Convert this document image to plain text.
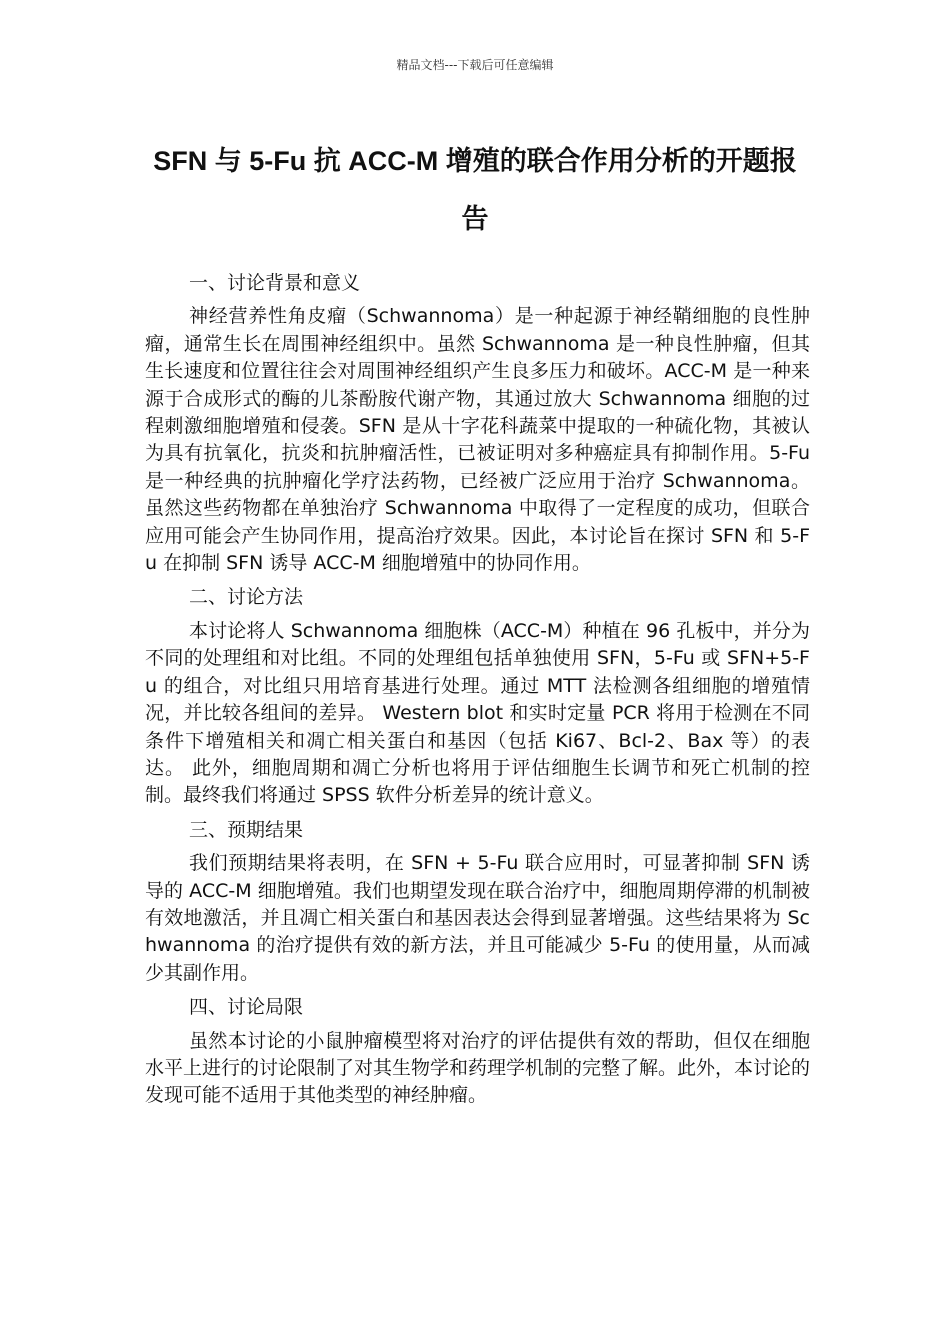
精品文档---下载后可任意编辑
SFN 与 5-Fu 抗 ACC-M 增殖的联合作用分析的开题报告

一、讨论背景和意义

神经营养性角皮瘤（Schwannoma）是一种起源于神经鞘细胞的良性肿瘤，通常生长在周围神经组织中。虽然 Schwannoma 是一种良性肿瘤，但其生长速度和位置往往会对周围神经组织产生良多压力和破坏。ACC-M 是一种来源于合成形式的酶的儿茶酚胺代谢产物，其通过放大 Schwannoma 细胞的过程刺激细胞增殖和侵袭。SFN 是从十字花科蔬菜中提取的一种硫化物，其被认为具有抗氧化，抗炎和抗肿瘤活性，已被证明对多种癌症具有抑制作用。5-Fu 是一种经典的抗肿瘤化学疗法药物，已经被广泛应用于治疗 Schwannoma。虽然这些药物都在单独治疗 Schwannoma 中取得了一定程度的成功，但联合应用可能会产生协同作用，提高治疗效果。因此，本讨论旨在探讨 SFN 和 5-Fu 在抑制 SFN 诱导 ACC-M 细胞增殖中的协同作用。

二、讨论方法

本讨论将人 Schwannoma 细胞株（ACC-M）种植在 96 孔板中，并分为不同的处理组和对比组。不同的处理组包括单独使用 SFN，5-Fu 或 SFN+5-Fu 的组合，对比组只用培育基进行处理。通过 MTT 法检测各组细胞的增殖情况，并比较各组间的差异。 Western blot 和实时定量 PCR 将用于检测在不同条件下增殖相关和凋亡相关蛋白和基因（包括 Ki67、Bcl-2、Bax 等）的表达。 此外，细胞周期和凋亡分析也将用于评估细胞生长调节和死亡机制的控制。最终我们将通过 SPSS 软件分析差异的统计意义。

三、预期结果

我们预期结果将表明，在 SFN + 5-Fu 联合应用时，可显著抑制 SFN 诱导的 ACC-M 细胞增殖。我们也期望发现在联合治疗中，细胞周期停滞的机制被有效地激活，并且凋亡相关蛋白和基因表达会得到显著增强。这些结果将为 Schwannoma 的治疗提供有效的新方法，并且可能减少 5-Fu 的使用量，从而减少其副作用。

四、讨论局限

虽然本讨论的小鼠肿瘤模型将对治疗的评估提供有效的帮助，但仅在细胞水平上进行的讨论限制了对其生物学和药理学机制的完整了解。此外，本讨论的发现可能不适用于其他类型的神经肿瘤。
